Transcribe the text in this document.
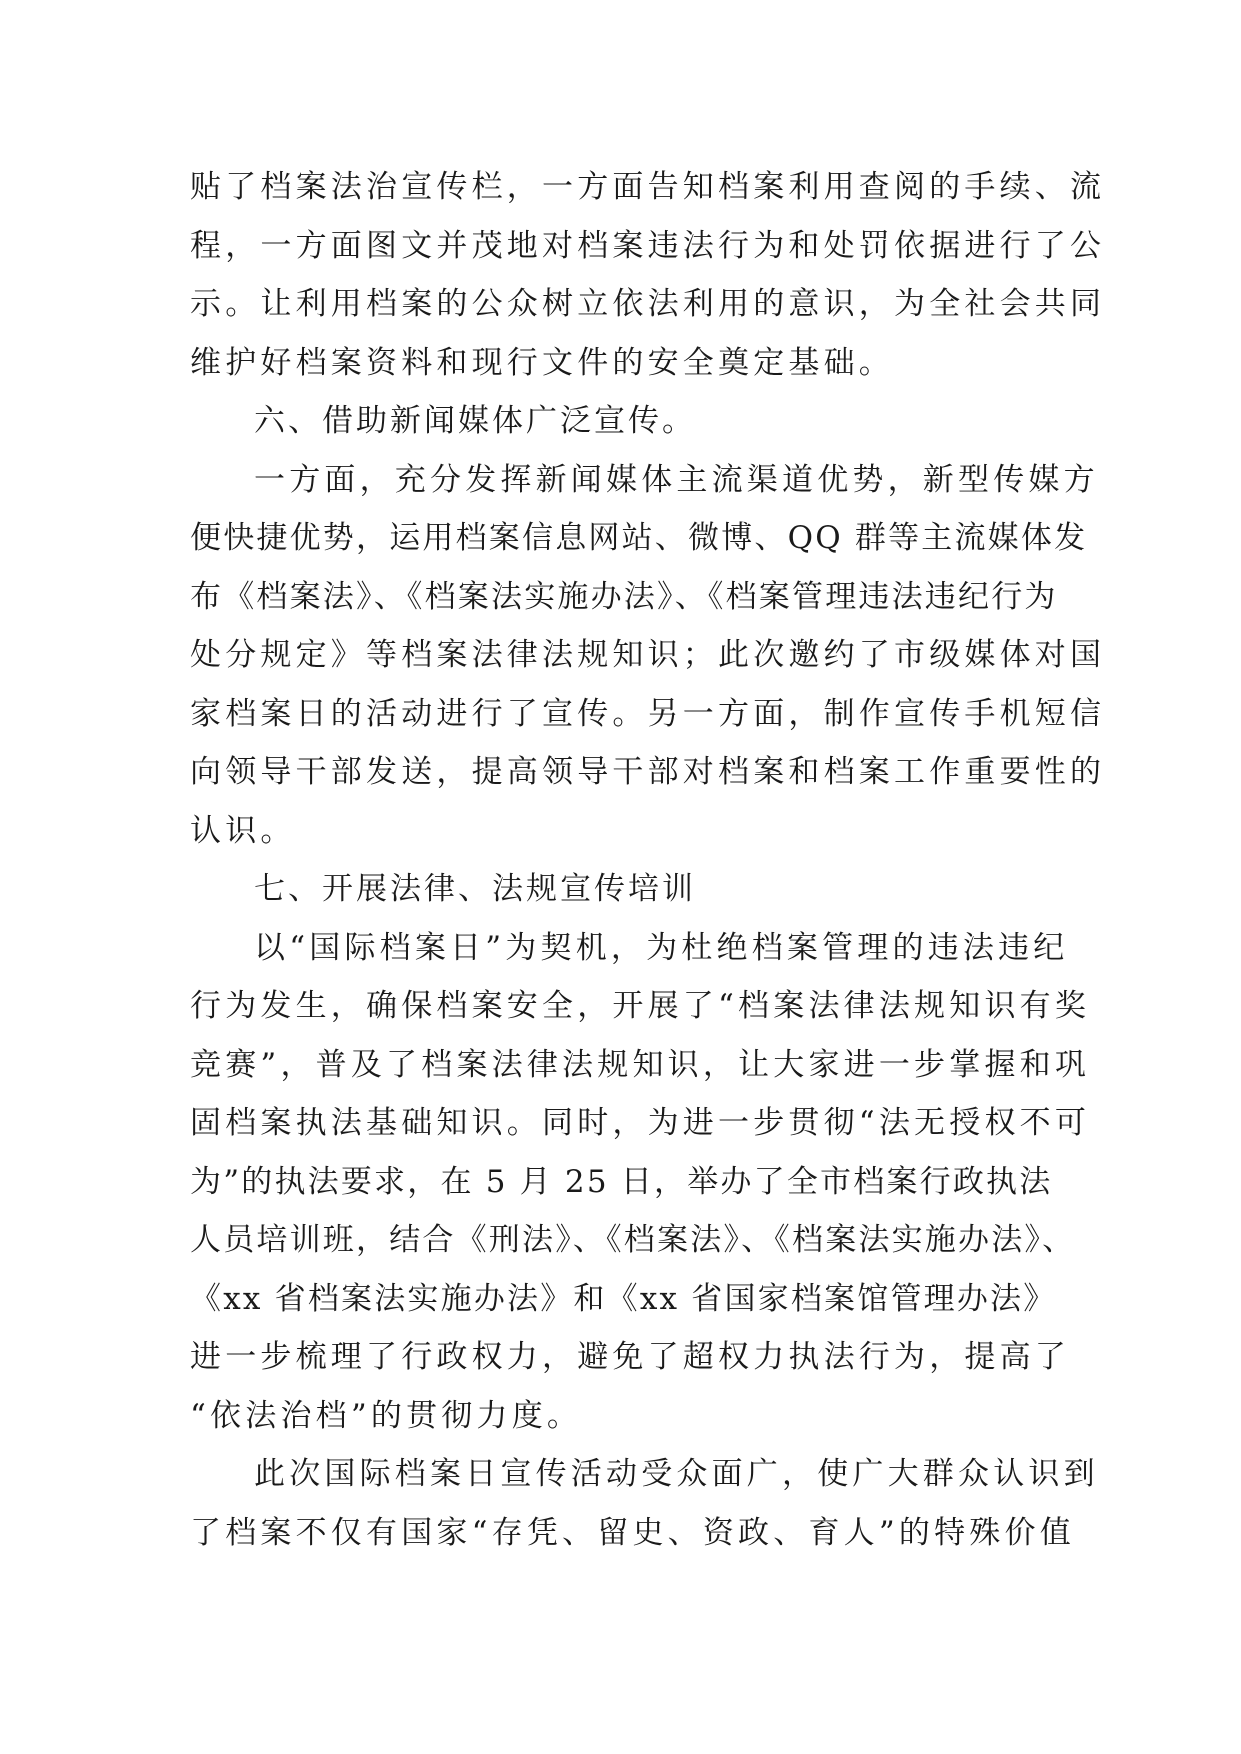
贴了档案法治宣传栏，一方面告知档案利用查阅的手续、流
程，一方面图文并茂地对档案违法行为和处罚依据进行了公
示。让利用档案的公众树立依法利用的意识，为全社会共同
维护好档案资料和现行文件的安全奠定基础。
六、借助新闻媒体广泛宣传。
一方面，充分发挥新闻媒体主流渠道优势，新型传媒方
便快捷优势，运用档案信息网站、微博、QQ 群等主流媒体发
布《档案法》、《档案法实施办法》、《档案管理违法违纪行为
处分规定》等档案法律法规知识；此次邀约了市级媒体对国
家档案日的活动进行了宣传。另一方面，制作宣传手机短信
向领导干部发送，提高领导干部对档案和档案工作重要性的
认识。
七、开展法律、法规宣传培训
以“国际档案日”为契机，为杜绝档案管理的违法违纪
行为发生，确保档案安全，开展了“档案法律法规知识有奖
竞赛”，普及了档案法律法规知识，让大家进一步掌握和巩
固档案执法基础知识。同时，为进一步贯彻“法无授权不可
为”的执法要求，在 5 月 25 日，举办了全市档案行政执法
人员培训班，结合《刑法》、《档案法》、《档案法实施办法》、
《xx 省档案法实施办法》和《xx 省国家档案馆管理办法》
进一步梳理了行政权力，避免了超权力执法行为，提高了
“依法治档”的贯彻力度。
此次国际档案日宣传活动受众面广，使广大群众认识到
了档案不仅有国家“存凭、留史、资政、育人”的特殊价值
